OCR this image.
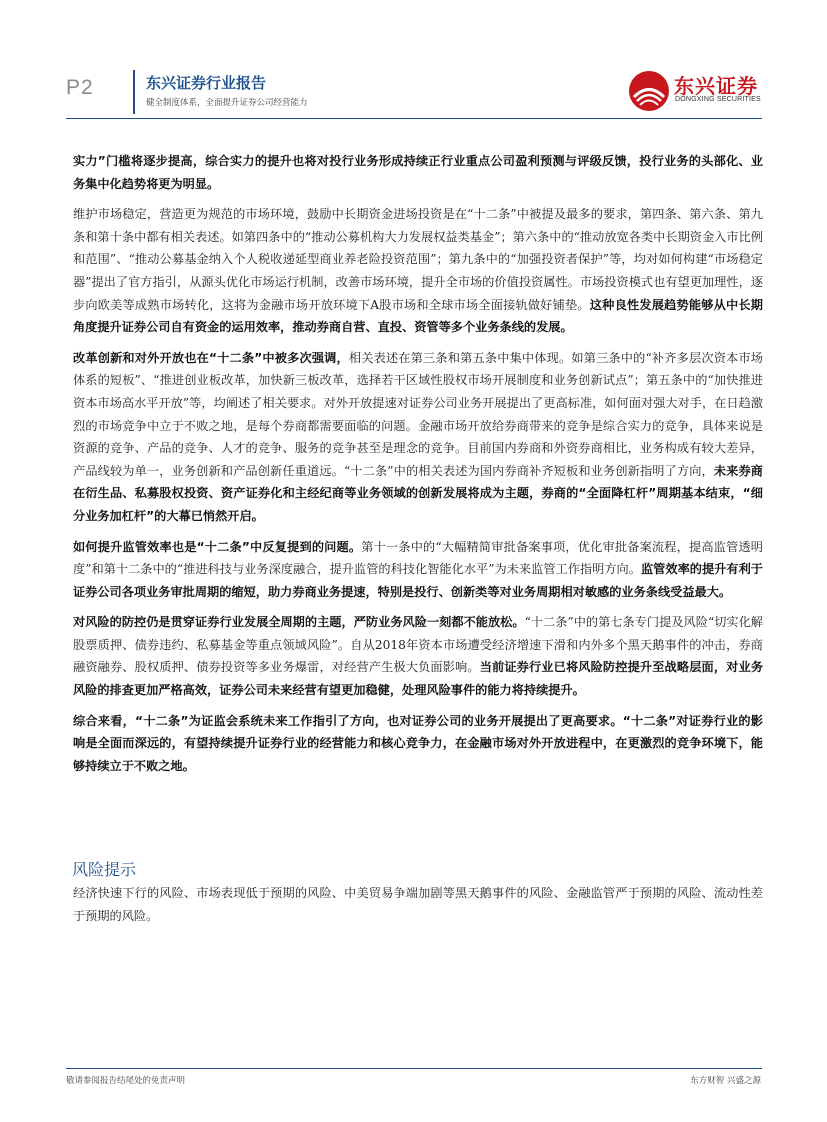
P2	东兴证券行业报告
健全制度体系，全面提升证券公司经营能力
东兴证券
DONGXING SECURITIES

实力”门槛将逐步提高，综合实力的提升也将对投行业务形成持续正行业重点公司盈利预测与评级反馈，投行业务的头部化、业务集中化趋势将更为明显。

维护市场稳定，营造更为规范的市场环境，鼓励中长期资金进场投资是在“十二条”中被提及最多的要求，第四条、第六条、第九条和第十条中都有相关表述。如第四条中的“推动公募机构大力发展权益类基金”；第六条中的“推动放宽各类中长期资金入市比例和范围”、“推动公募基金纳入个人税收递延型商业养老险投资范围”；第九条中的“加强投资者保护”等，均对如何构建“市场稳定器”提出了官方指引，从源头优化市场运行机制，改善市场环境，提升全市场的价值投资属性。市场投资模式也有望更加理性，逐步向欧美等成熟市场转化，这将为金融市场开放环境下A股市场和全球市场全面接轨做好铺垫。这种良性发展趋势能够从中长期角度提升证券公司自有资金的运用效率，推动券商自营、直投、资管等多个业务条线的发展。

改革创新和对外开放也在“十二条”中被多次强调，相关表述在第三条和第五条中集中体现。如第三条中的“补齐多层次资本市场体系的短板”、“推进创业板改革，加快新三板改革，选择若干区域性股权市场开展制度和业务创新试点”；第五条中的“加快推进资本市场高水平开放”等，均阐述了相关要求。对外开放提速对证券公司业务开展提出了更高标准，如何面对强大对手，在日趋激烈的市场竞争中立于不败之地，是每个券商都需要面临的问题。金融市场开放给券商带来的竞争是综合实力的竞争，具体来说是资源的竞争、产品的竞争、人才的竞争、服务的竞争甚至是理念的竞争。目前国内券商和外资券商相比，业务构成有较大差异，产品线较为单一，业务创新和产品创新任重道远。“十二条”中的相关表述为国内券商补齐短板和业务创新指明了方向，未来券商在衍生品、私募股权投资、资产证券化和主经纪商等业务领域的创新发展将成为主题，券商的“全面降杠杆”周期基本结束，“细分业务加杠杆”的大幕已悄然开启。

如何提升监管效率也是“十二条”中反复提到的问题。第十一条中的“大幅精简审批备案事项，优化审批备案流程，提高监管透明度”和第十二条中的“推进科技与业务深度融合，提升监管的科技化智能化水平”为未来监管工作指明方向。监管效率的提升有利于证券公司各项业务审批周期的缩短，助力券商业务提速，特别是投行、创新类等对业务周期相对敏感的业务条线受益最大。

对风险的防控仍是贯穿证券行业发展全周期的主题，严防业务风险一刻都不能放松。“十二条”中的第七条专门提及风险“切实化解股票质押、债券违约、私募基金等重点领域风险”。自从2018年资本市场遭受经济增速下滑和内外多个黑天鹅事件的冲击，券商融资融券、股权质押、债券投资等多业务爆雷，对经营产生极大负面影响。当前证券行业已将风险防控提升至战略层面，对业务风险的排查更加严格高效，证券公司未来经营有望更加稳健，处理风险事件的能力将持续提升。

综合来看，“十二条”为证监会系统未来工作指引了方向，也对证券公司的业务开展提出了更高要求。“十二条”对证券行业的影响是全面而深远的，有望持续提升证券行业的经营能力和核心竞争力，在金融市场对外开放进程中，在更激烈的竞争环境下，能够持续立于不败之地。

风险提示

经济快速下行的风险、市场表现低于预期的风险、中美贸易争端加剧等黑天鹅事件的风险、金融监管严于预期的风险、流动性差于预期的风险。

敬请参阅报告结尾处的免责声明	东方财智 兴盛之源
